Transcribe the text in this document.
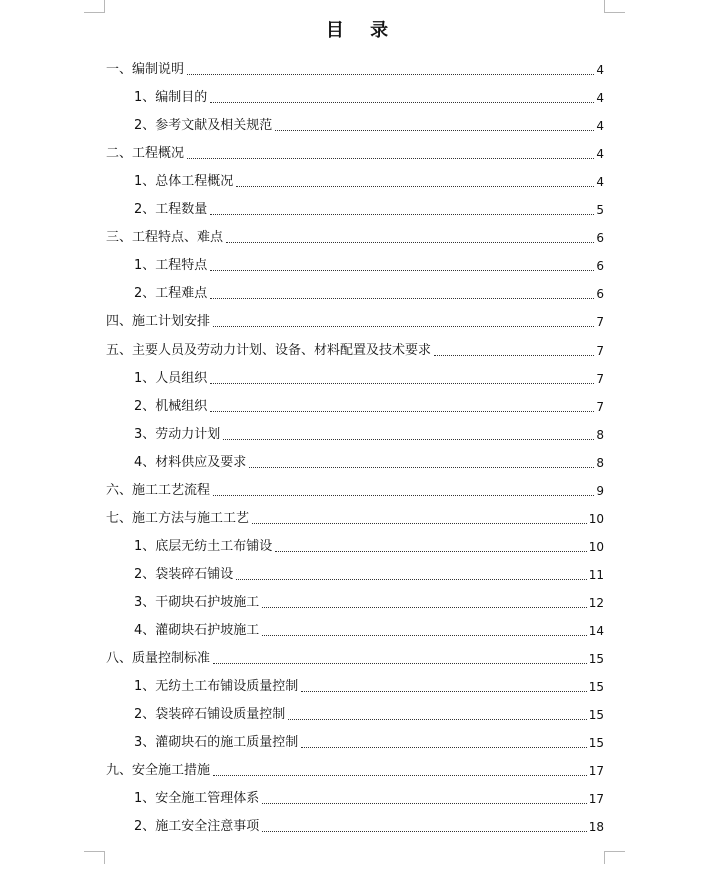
目 录
一、编制说明	4
1、编制目的	4
2、参考文献及相关规范	4
二、工程概况	4
1、总体工程概况	4
2、工程数量	5
三、工程特点、难点	6
1、工程特点	6
2、工程难点	6
四、施工计划安排	7
五、主要人员及劳动力计划、设备、材料配置及技术要求	7
1、人员组织	7
2、机械组织	7
3、劳动力计划	8
4、材料供应及要求	8
六、施工工艺流程	9
七、施工方法与施工工艺	10
1、底层无纺土工布铺设	10
2、袋装碎石铺设	11
3、干砌块石护坡施工	12
4、灌砌块石护坡施工	14
八、质量控制标准	15
1、无纺土工布铺设质量控制	15
2、袋装碎石铺设质量控制	15
3、灌砌块石的施工质量控制	15
九、安全施工措施	17
1、安全施工管理体系	17
2、施工安全注意事项	18
